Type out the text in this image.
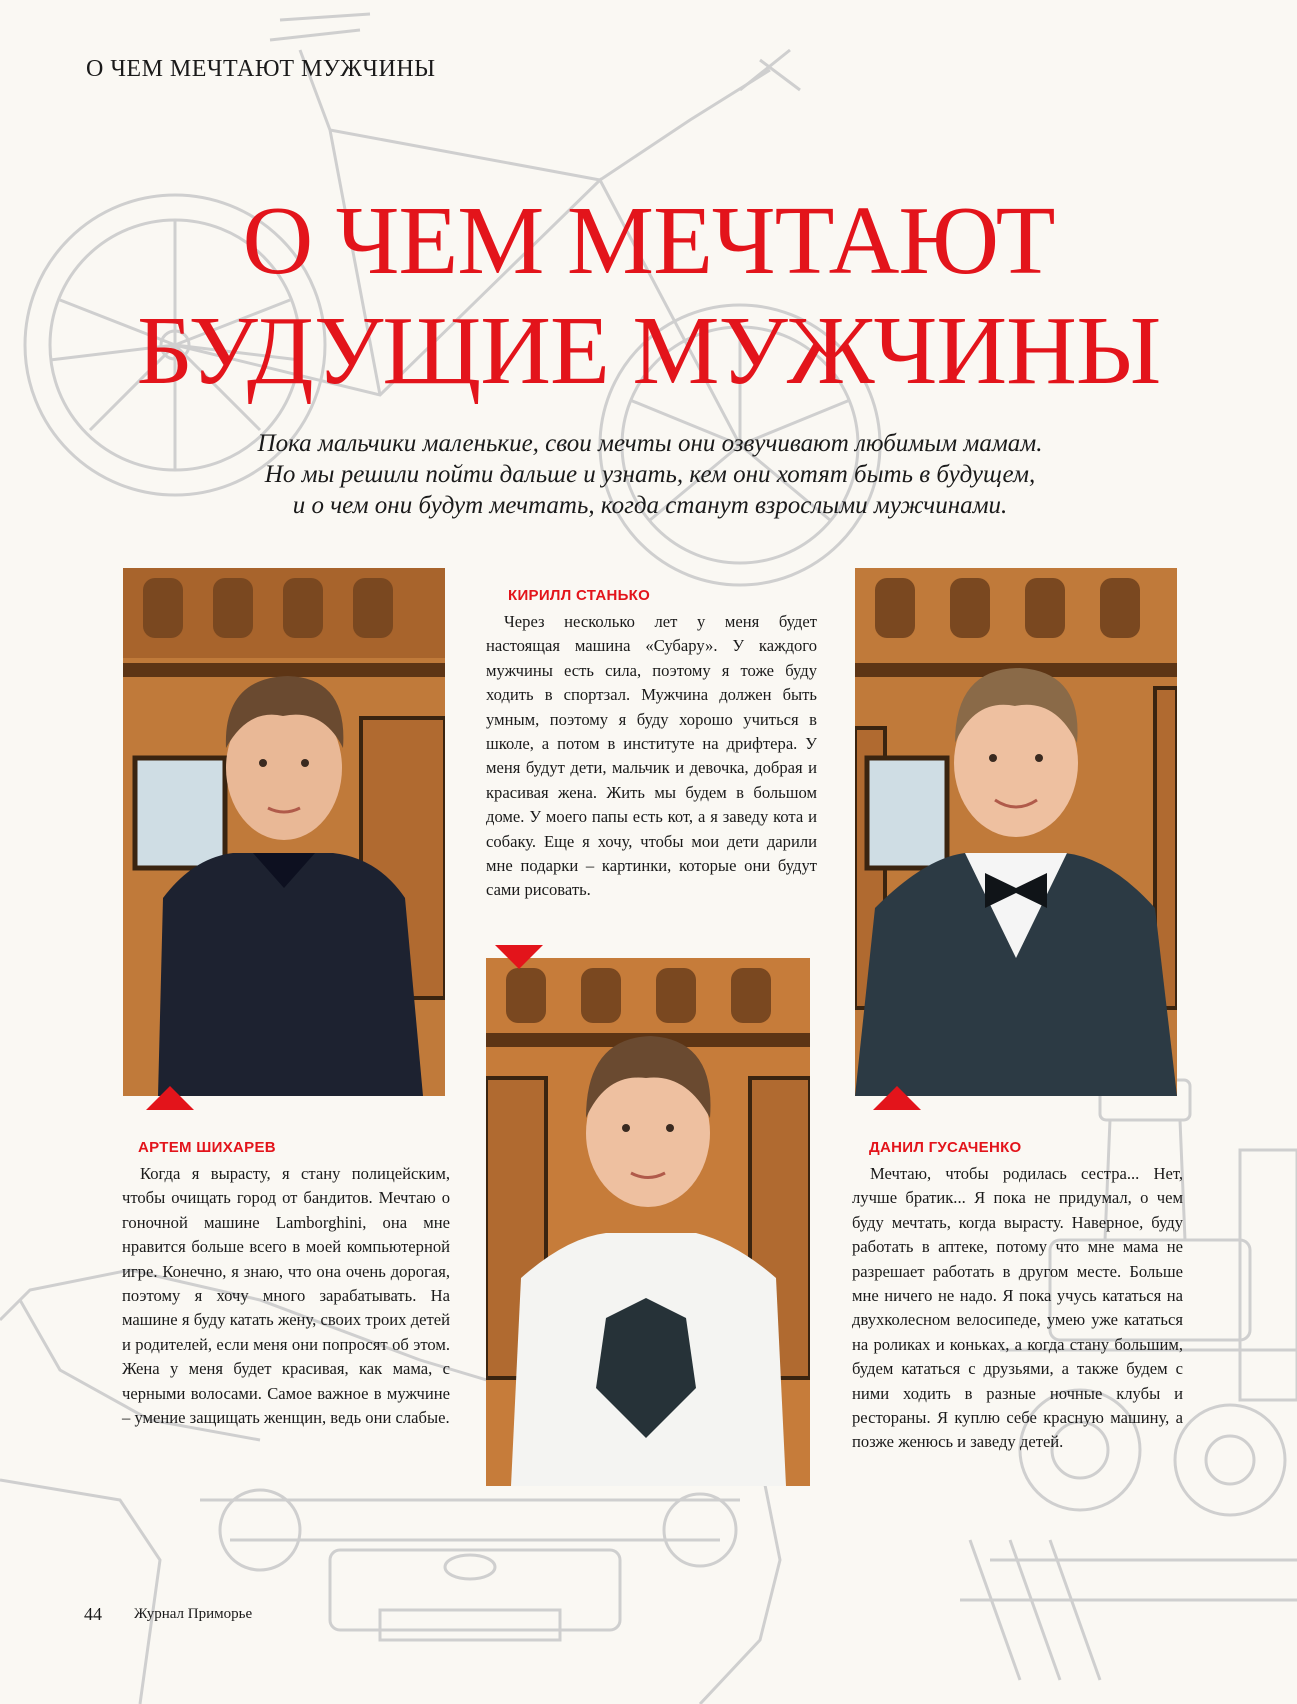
О ЧЕМ МЕЧТАЮТ МУЖЧИНЫ
О ЧЕМ МЕЧТАЮТ
БУДУЩИЕ МУЖЧИНЫ
Пока мальчики маленькие, свои мечты они озвучивают любимым мамам.
Но мы решили пойти дальше и узнать, кем они хотят быть в будущем,
и о чем они будут мечтать, когда станут взрослыми мужчинами.
АРТЕМ ШИХАРЕВ

Когда я вырасту, я стану полицейским, чтобы очищать город от бандитов. Мечтаю о гоночной машине Lamborghini, она мне нравится больше всего в моей компьютерной игре. Конечно, я знаю, что она очень дорогая, поэтому я хочу много зарабатывать. На машине я буду катать жену, своих троих детей и родителей, если меня они попросят об этом. Жена у меня будет красивая, как мама, с черными волосами. Самое важное в мужчине – умение защищать женщин, ведь они слабые.

КИРИЛЛ СТАНЬКО

Через несколько лет у меня будет настоящая машина «Субару». У каждого мужчины есть сила, поэтому я тоже буду ходить в спортзал. Мужчина должен быть умным, поэтому я буду хорошо учиться в школе, а потом в институте на дрифтера. У меня будут дети, мальчик и девочка, добрая и красивая жена. Жить мы будем в большом доме. У моего папы есть кот, а я заведу кота и собаку. Еще я хочу, чтобы мои дети дарили мне подарки – картинки, которые они будут сами рисовать.

ДАНИЛ ГУСАЧЕНКО

Мечтаю, чтобы родилась сестра... Нет, лучше братик... Я пока не придумал, о чем буду мечтать, когда вырасту. Наверное, буду работать в аптеке, потому что мне мама не разрешает работать в другом месте. Больше мне ничего не надо. Я пока учусь кататься на двухколесном велосипеде, умею уже кататься на роликах и коньках, а когда стану большим, будем кататься с друзьями, а также будем с ними ходить в разные ночные клубы и рестораны. Я куплю себе красную машину, а позже женюсь и заведу детей.

44 Журнал Приморье
